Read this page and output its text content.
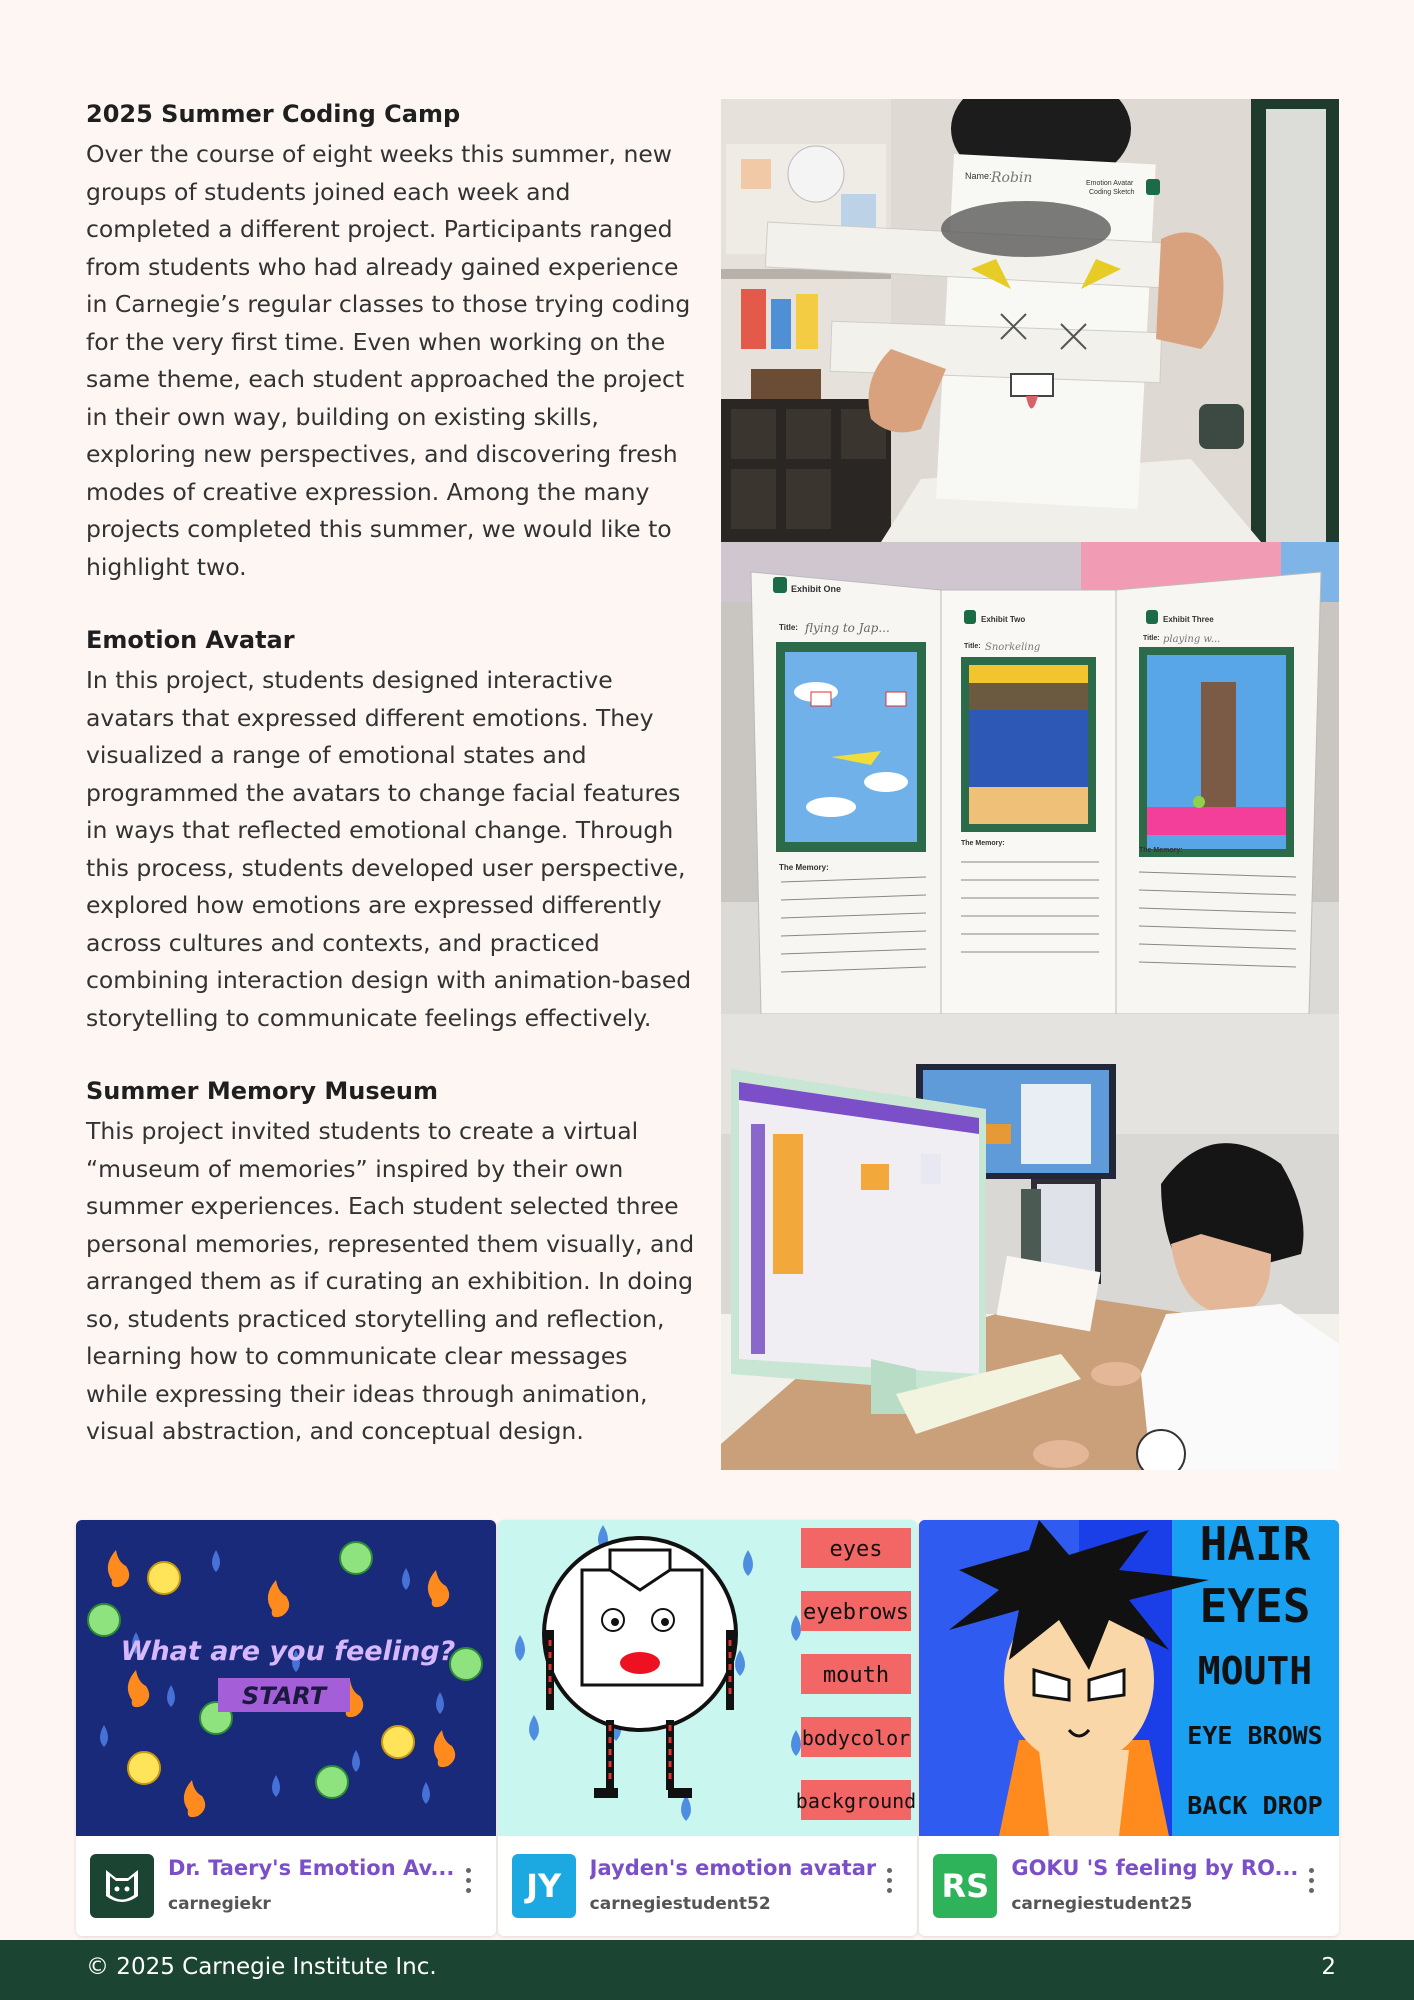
2025 Summer Coding Camp

Over the course of eight weeks this summer, new groups of students joined each week and completed a different project. Participants ranged from students who had already gained experience in Carnegie’s regular classes to those trying coding for the very first time. Even when working on the same theme, each student approached the project in their own way, building on existing skills, exploring new perspectives, and discovering fresh modes of creative expression. Among the many projects completed this summer, we would like to highlight two.

Emotion Avatar

In this project, students designed interactive avatars that expressed different emotions. They visualized a range of emotional states and programmed the avatars to change facial features in ways that reflected emotional change. Through this process, students developed user perspective, explored how emotions are expressed differently across cultures and contexts, and practiced combining interaction design with animation-based storytelling to communicate feelings effectively.

Summer Memory Museum

This project invited students to create a virtual “museum of memories” inspired by their own summer experiences. Each student selected three personal memories, represented them visually, and arranged them as if curating an exhibition. In doing so, students practiced storytelling and reflection, learning how to communicate clear messages while expressing their ideas through animation, visual abstraction, and conceptual design.

Name: Robin	Emotion Avatar
Coding Sketch
Exhibit One
Exhibit Two	Exhibit Three
Title: flying to Jap...
Title: Snorkeling
Title: playing w...
The Memory:
The Memory:
The Memory:
What are you feeling?
START
Dr. Taery's Emotion Av...
carnegiekr
eyes
eyebrows
mouth
bodycolor
background
JY	Jayden's emotion avatar
carnegiestudent52
HAIR
EYES
MOUTH
EYE BROWS
BACK DROP
RS	GOKU 'S feeling by RO...
carnegiestudent25
© 2025 Carnegie Institute Inc.	2
